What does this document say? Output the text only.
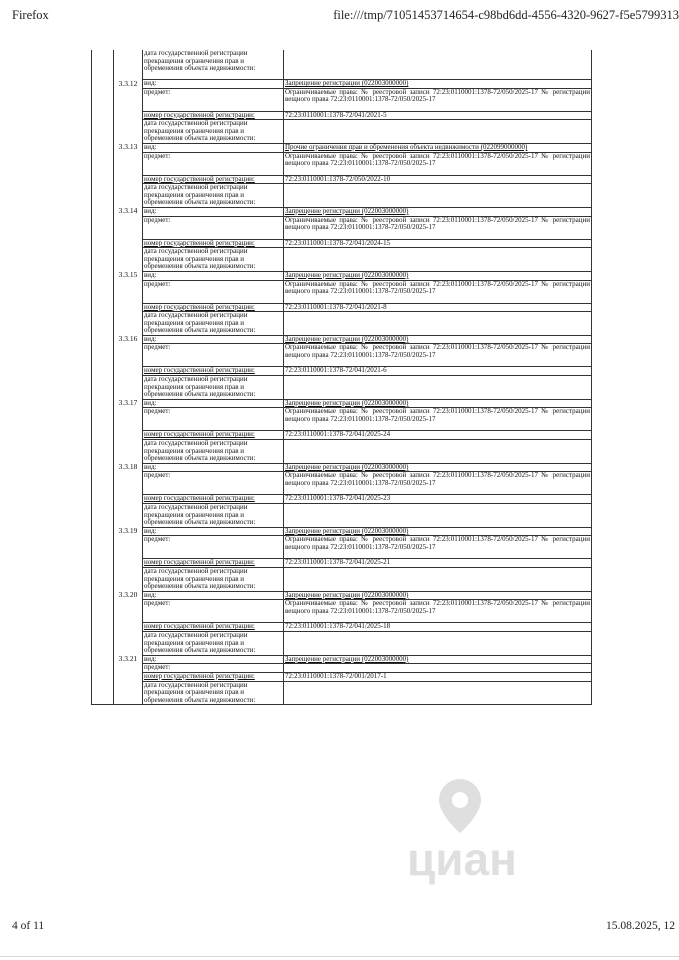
Firefox	file:///tmp/71051453714654-c98bd6dd-4556-4320-9627-f5e5799313
		дата государственной регистрации прекращения ограничения прав и обременения объекта недвижимости:	
	3.3.12	вид:	Запрещение регистрации (022003000000)
		предмет:	Ограничиваемые права: № реестровой записи 72:23:0110001:1378-72/050/2025-17 № регистрации вещного права 72:23:0110001:1378-72/050/2025-17
		номер государственной регистрации:	72:23:0110001:1378-72/041/2021-5
		дата государственной регистрации прекращения ограничения прав и обременения объекта недвижимости:	
	3.3.13	вид:	Прочие ограничения прав и обременения объекта недвижимости (022099000000)
		предмет:	Ограничиваемые права: № реестровой записи 72:23:0110001:1378-72/050/2025-17 № регистрации вещного права 72:23:0110001:1378-72/050/2025-17
		номер государственной регистрации:	72:23:0110001:1378-72/050/2022-10
		дата государственной регистрации прекращения ограничения прав и обременения объекта недвижимости:	
	3.3.14	вид:	Запрещение регистрации (022003000000)
		предмет:	Ограничиваемые права: № реестровой записи 72:23:0110001:1378-72/050/2025-17 № регистрации вещного права 72:23:0110001:1378-72/050/2025-17
		номер государственной регистрации:	72:23:0110001:1378-72/041/2024-15
		дата государственной регистрации прекращения ограничения прав и обременения объекта недвижимости:	
	3.3.15	вид:	Запрещение регистрации (022003000000)
		предмет:	Ограничиваемые права: № реестровой записи 72:23:0110001:1378-72/050/2025-17 № регистрации вещного права 72:23:0110001:1378-72/050/2025-17
		номер государственной регистрации:	72:23:0110001:1378-72/041/2021-8
		дата государственной регистрации прекращения ограничения прав и обременения объекта недвижимости:	
	3.3.16	вид:	Запрещение регистрации (022003000000)
		предмет:	Ограничиваемые права: № реестровой записи 72:23:0110001:1378-72/050/2025-17 № регистрации вещного права 72:23:0110001:1378-72/050/2025-17
		номер государственной регистрации:	72:23:0110001:1378-72/041/2021-6
		дата государственной регистрации прекращения ограничения прав и обременения объекта недвижимости:	
	3.3.17	вид:	Запрещение регистрации (022003000000)
		предмет:	Ограничиваемые права: № реестровой записи 72:23:0110001:1378-72/050/2025-17 № регистрации вещного права 72:23:0110001:1378-72/050/2025-17
		номер государственной регистрации:	72:23:0110001:1378-72/041/2025-24
		дата государственной регистрации прекращения ограничения прав и обременения объекта недвижимости:	
	3.3.18	вид:	Запрещение регистрации (022003000000)
		предмет:	Ограничиваемые права: № реестровой записи 72:23:0110001:1378-72/050/2025-17 № регистрации вещного права 72:23:0110001:1378-72/050/2025-17
		номер государственной регистрации:	72:23:0110001:1378-72/041/2025-23
		дата государственной регистрации прекращения ограничения прав и обременения объекта недвижимости:	
	3.3.19	вид:	Запрещение регистрации (022003000000)
		предмет:	Ограничиваемые права: № реестровой записи 72:23:0110001:1378-72/050/2025-17 № регистрации вещного права 72:23:0110001:1378-72/050/2025-17
		номер государственной регистрации:	72:23:0110001:1378-72/041/2025-21
		дата государственной регистрации прекращения ограничения прав и обременения объекта недвижимости:	
	3.3.20	вид:	Запрещение регистрации (022003000000)
		предмет:	Ограничиваемые права: № реестровой записи 72:23:0110001:1378-72/050/2025-17 № регистрации вещного права 72:23:0110001:1378-72/050/2025-17
		номер государственной регистрации:	72:23:0110001:1378-72/041/2025-18
		дата государственной регистрации прекращения ограничения прав и обременения объекта недвижимости:	
	3.3.21	вид:	Запрещение регистрации (022003000000)
		предмет:	
		номер государственной регистрации:	72:23:0110001:1378-72/001/2017-1
		дата государственной регистрации прекращения ограничения прав и обременения объекта недвижимости:	
циан
4 of 11	15.08.2025, 12
